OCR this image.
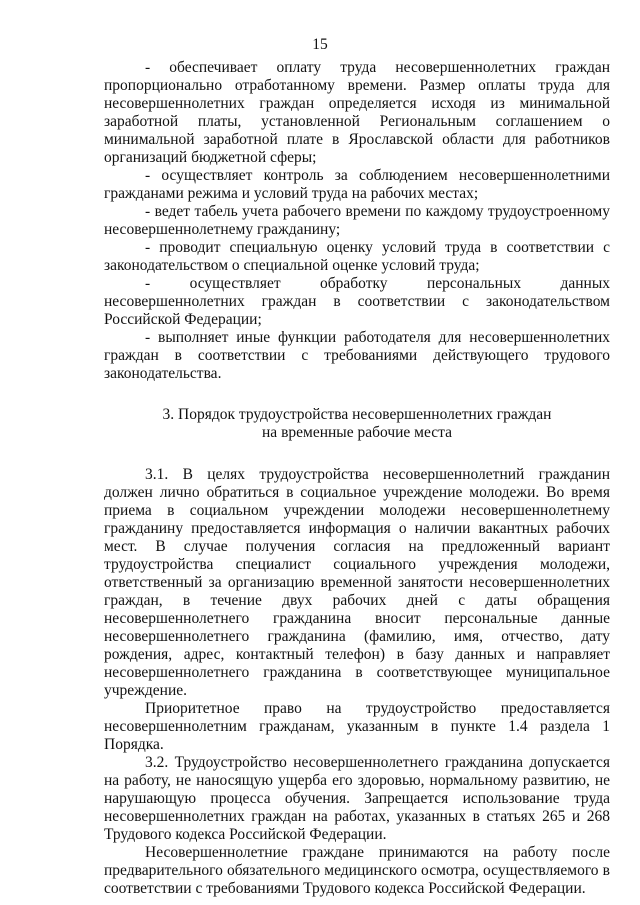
15

- обеспечивает оплату труда несовершеннолетних граждан пропорционально отработанному времени. Размер оплаты труда для несовершеннолетних граждан определяется исходя из минимальной заработной платы, установленной Региональным соглашением о минимальной заработной плате в Ярославской области для работников организаций бюджетной сферы;

- осуществляет контроль за соблюдением несовершеннолетними гражданами режима и условий труда на рабочих местах;

- ведет табель учета рабочего времени по каждому трудоустроенному несовершеннолетнему гражданину;

- проводит специальную оценку условий труда в соответствии с законодательством о специальной оценке условий труда;

- осуществляет обработку персональных данных несовершеннолетних граждан в соответствии с законодательством Российской Федерации;

- выполняет иные функции работодателя для несовершеннолетних граждан в соответствии с требованиями действующего трудового законодательства.

3. Порядок трудоустройства несовершеннолетних граждан
на временные рабочие места

3.1. В целях трудоустройства несовершеннолетний гражданин должен лично обратиться в социальное учреждение молодежи. Во время приема в социальном учреждении молодежи несовершеннолетнему гражданину предоставляется информация о наличии вакантных рабочих мест. В случае получения согласия на предложенный вариант трудоустройства специалист социального учреждения молодежи, ответственный за организацию временной занятости несовершеннолетних граждан, в течение двух рабочих дней с даты обращения несовершеннолетнего гражданина вносит персональные данные несовершеннолетнего гражданина (фамилию, имя, отчество, дату рождения, адрес, контактный телефон) в базу данных и направляет несовершеннолетнего гражданина в соответствующее муниципальное учреждение.

Приоритетное право на трудоустройство предоставляется несовершеннолетним гражданам, указанным в пункте 1.4 раздела 1 Порядка.

3.2. Трудоустройство несовершеннолетнего гражданина допускается на работу, не наносящую ущерба его здоровью, нормальному развитию, не нарушающую процесса обучения. Запрещается использование труда несовершеннолетних граждан на работах, указанных в статьях 265 и 268 Трудового кодекса Российской Федерации.

Несовершеннолетние граждане принимаются на работу после предварительного обязательного медицинского осмотра, осуществляемого в соответствии с требованиями Трудового кодекса Российской Федерации.
